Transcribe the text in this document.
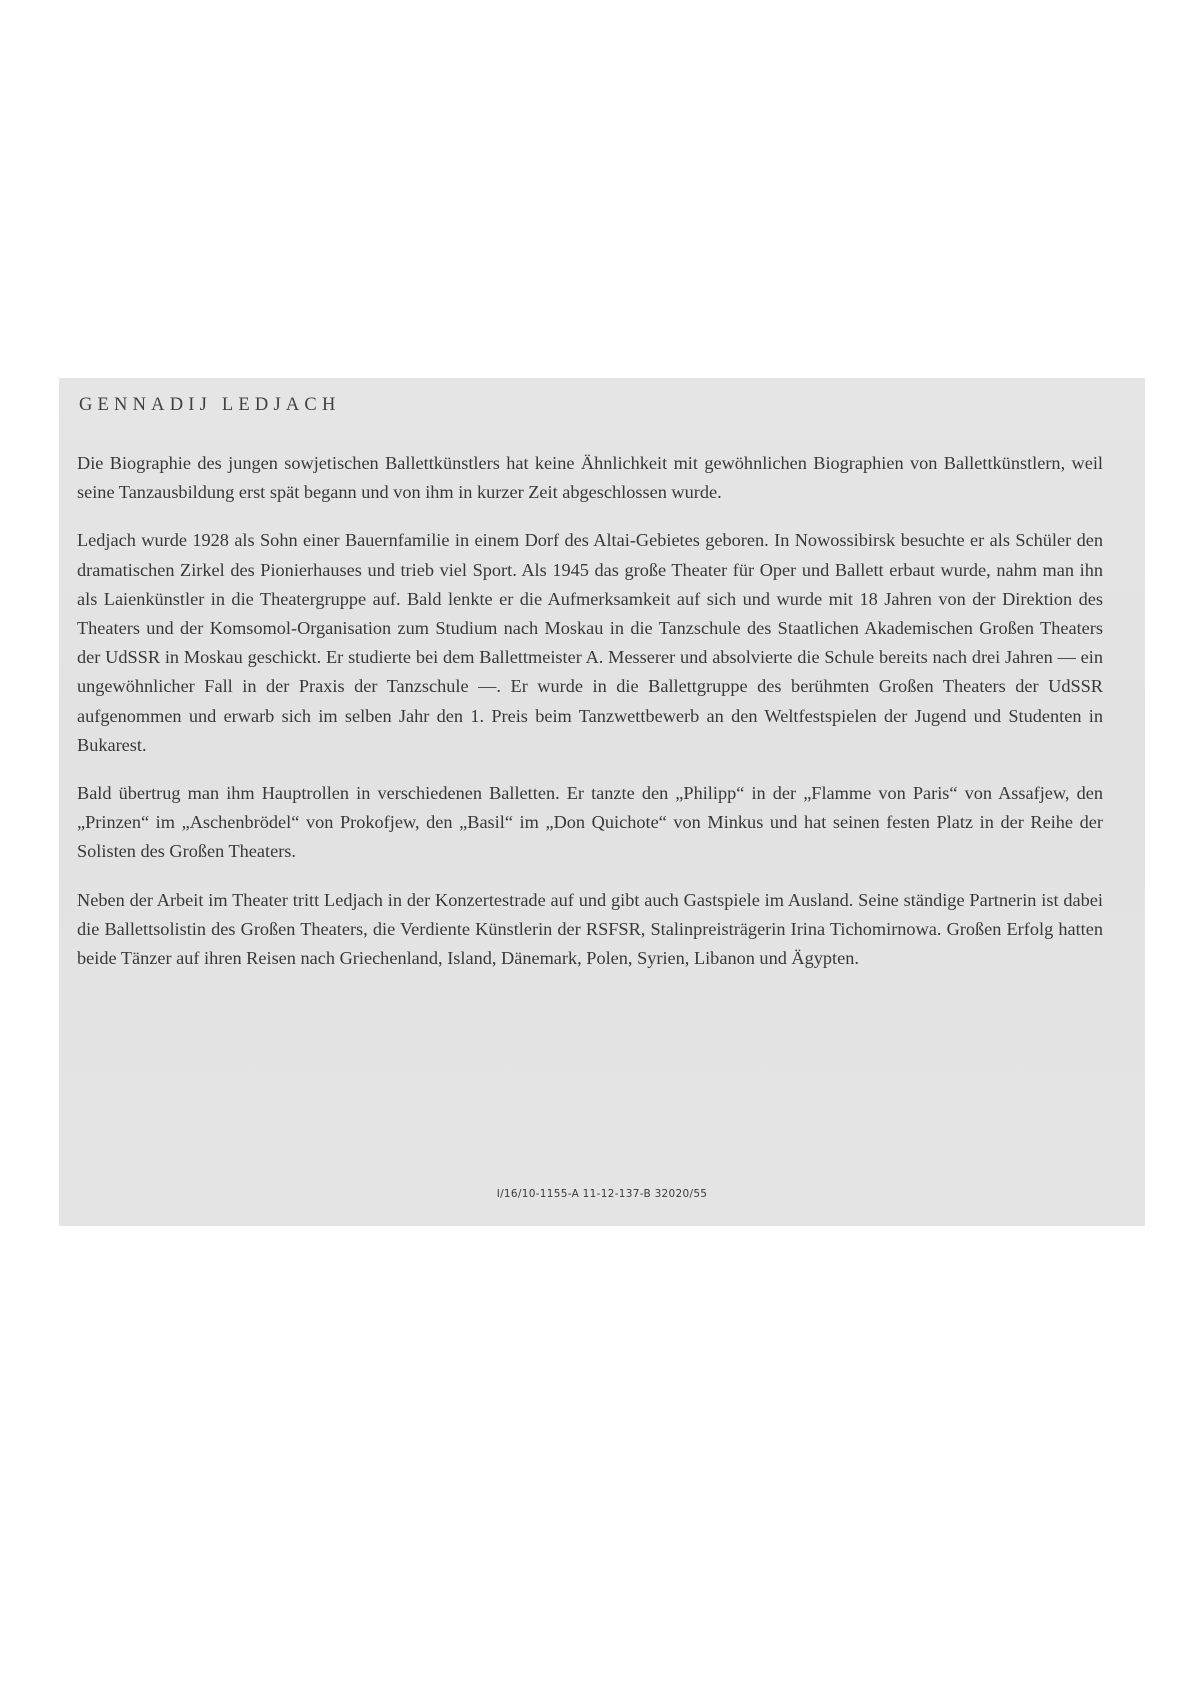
GENNADIJ LEDJACH

Die Biographie des jungen sowjetischen Ballettkünstlers hat keine Ähnlichkeit mit gewöhnlichen Biographien von Ballettkünstlern, weil seine Tanzausbildung erst spät begann und von ihm in kurzer Zeit abgeschlossen wurde.

Ledjach wurde 1928 als Sohn einer Bauernfamilie in einem Dorf des Altai-Gebietes geboren. In Nowossibirsk besuchte er als Schüler den dramatischen Zirkel des Pionierhauses und trieb viel Sport. Als 1945 das große Theater für Oper und Ballett erbaut wurde, nahm man ihn als Laienkünstler in die Theatergruppe auf. Bald lenkte er die Aufmerksamkeit auf sich und wurde mit 18 Jahren von der Direktion des Theaters und der Komsomol-Organisation zum Studium nach Moskau in die Tanzschule des Staatlichen Akademischen Großen Theaters der UdSSR in Moskau geschickt. Er studierte bei dem Ballettmeister A. Messerer und absolvierte die Schule bereits nach drei Jahren — ein ungewöhnlicher Fall in der Praxis der Tanzschule —. Er wurde in die Ballettgruppe des berühmten Großen Theaters der UdSSR aufgenommen und erwarb sich im selben Jahr den 1. Preis beim Tanzwettbewerb an den Weltfestspielen der Jugend und Studenten in Bukarest.

Bald übertrug man ihm Hauptrollen in verschiedenen Balletten. Er tanzte den „Philipp“ in der „Flamme von Paris“ von Assafjew, den „Prinzen“ im „Aschenbrödel“ von Prokofjew, den „Basil“ im „Don Quichote“ von Minkus und hat seinen festen Platz in der Reihe der Solisten des Großen Theaters.

Neben der Arbeit im Theater tritt Ledjach in der Konzertestrade auf und gibt auch Gastspiele im Ausland. Seine ständige Partnerin ist dabei die Ballettsolistin des Großen Theaters, die Verdiente Künstlerin der RSFSR, Stalinpreisträgerin Irina Tichomirnowa. Großen Erfolg hatten beide Tänzer auf ihren Reisen nach Griechenland, Island, Dänemark, Polen, Syrien, Libanon und Ägypten.

I/16/10-1155-A 11-12-137-B 32020/55
